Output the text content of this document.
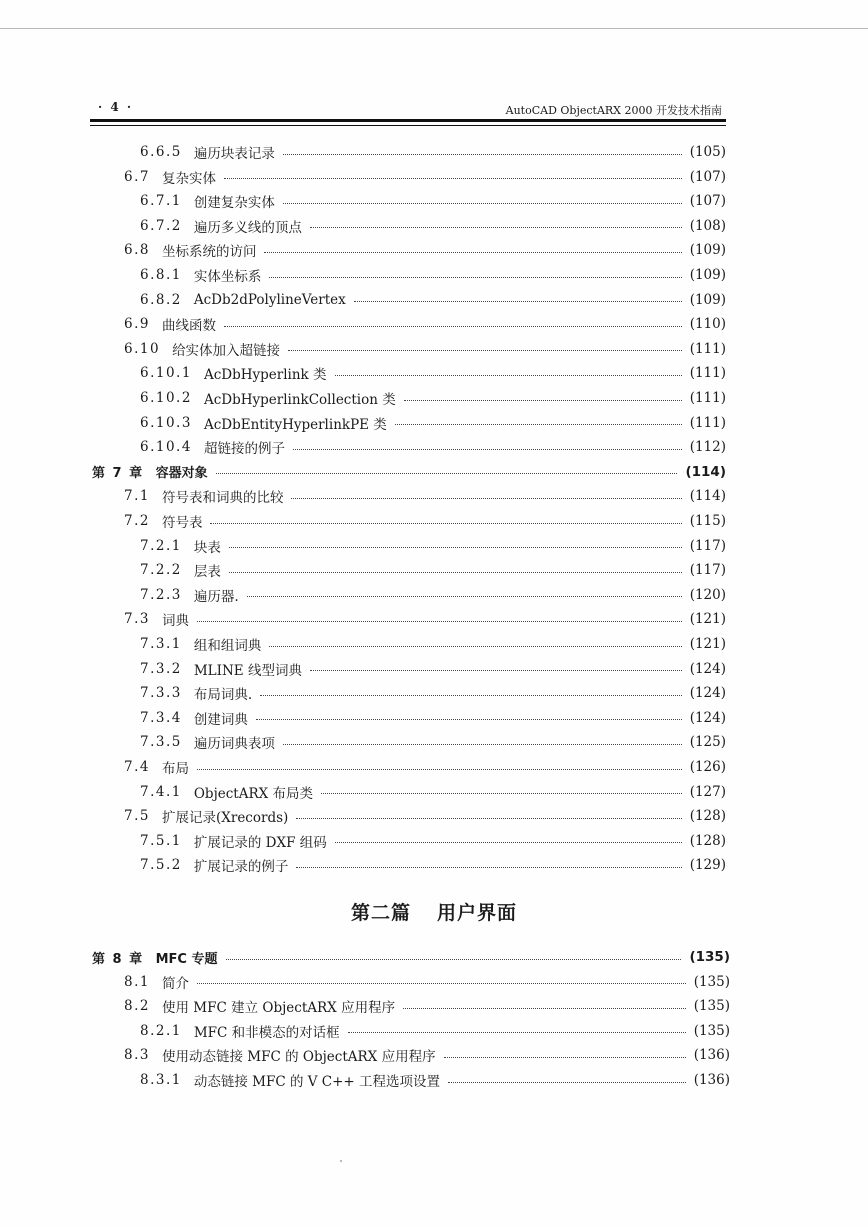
· 4 ·	AutoCAD ObjectARX 2000 开发技术指南
6.6.5 遍历块表记录	(105)
6.7 复杂实体	(107)
6.7.1 创建复杂实体	(107)
6.7.2 遍历多义线的顶点	(108)
6.8 坐标系统的访问	(109)
6.8.1 实体坐标系	(109)
6.8.2 AcDb2dPolylineVertex	(109)
6.9 曲线函数	(110)
6.10 给实体加入超链接	(111)
6.10.1 AcDbHyperlink 类	(111)
6.10.2 AcDbHyperlinkCollection 类	(111)
6.10.3 AcDbEntityHyperlinkPE 类	(111)
6.10.4 超链接的例子	(112)
第 7 章 容器对象	(114)
7.1 符号表和词典的比较	(114)
7.2 符号表	(115)
7.2.1 块表	(117)
7.2.2 层表	(117)
7.2.3 遍历器.	(120)
7.3 词典	(121)
7.3.1 组和组词典	(121)
7.3.2 MLINE 线型词典	(124)
7.3.3 布局词典.	(124)
7.3.4 创建词典	(124)
7.3.5 遍历词典表项	(125)
7.4 布局	(126)
7.4.1 ObjectARX 布局类	(127)
7.5 扩展记录(Xrecords)	(128)
7.5.1 扩展记录的 DXF 组码	(128)
7.5.2 扩展记录的例子	(129)
第二篇 用户界面
第 8 章 MFC 专题	(135)
8.1 简介	(135)
8.2 使用 MFC 建立 ObjectARX 应用程序	(135)
8.2.1 MFC 和非模态的对话框	(135)
8.3 使用动态链接 MFC 的 ObjectARX 应用程序	(136)
8.3.1 动态链接 MFC 的 V C++ 工程选项设置	(136)
